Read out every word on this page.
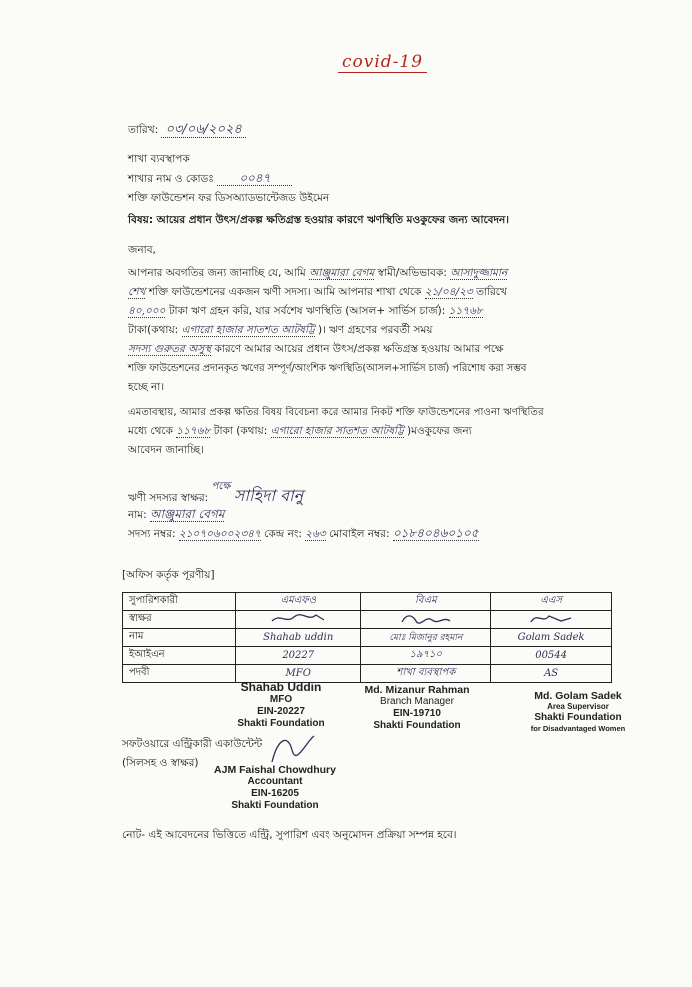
covid-19
তারিখ: ০৩/০৬/২০২৪
শাখা ব্যবস্থাপক
শাখার নাম ও কোডঃ ০০৪৭
শক্তি ফাউন্ডেশন ফর ডিসঅ্যাডভান্টেজড উইমেন
বিষয়: আয়ের প্রধান উৎস/প্রকল্প ক্ষতিগ্রস্ত হওয়ার কারণে ঋণস্থিতি মওকুফের জন্য আবেদন।
জনাব,
আপনার অবগতির জন্য জানাচ্ছি যে, আমি আঞ্জুমারা বেগম স্বামী/অভিভাবক: আসাদুজ্জামান
শেখ শক্তি ফাউন্ডেশনের একজন ঋণী সদস্য। আমি আপনার শাখা থেকে ২১/০৪/২৩ তারিখে
৪০,০০০ টাকা ঋণ গ্রহন করি, যার সর্বশেষ ঋণস্থিতি (আসল+ সার্ভিস চার্জ): ১১৭৬৮
টাকা(কথায়: এগারো হাজার সাতশত আটষট্টি )। ঋণ গ্রহণের পরবর্তী সময়
সদস্য গুরুতর অসুস্থ কারণে আমার আয়ের প্রধান উৎস/প্রকল্প ক্ষতিগ্রস্ত হওয়ায় আমার পক্ষে
শক্তি ফাউন্ডেশনের প্রদানকৃত ঋণের সম্পূর্ণ/আংশিক ঋণস্থিতি(আসল+সার্ভিস চার্জ) পরিশোধ করা সম্ভব
হচ্ছে না।
এমতাবস্থায়, আমার প্রকল্প ক্ষতির বিষয় বিবেচনা করে আমার নিকট শক্তি ফাউন্ডেশনের পাওনা ঋণস্থিতির
মধ্যে থেকে ১১৭৬৮ টাকা (কথায়: এগারো হাজার সাতশত আটষট্টি )মওকুফের জন্য
আবেদন জানাচ্ছি।
ঋণী সদস্যর স্বাক্ষর: পক্ষে সাহিদা বানু
নাম: আঞ্জুমারা বেগম
সদস্য নম্বর: ২১০৭০৬০০২৩৪৭ কেন্দ্র নং: ২৬৩ মোবাইল নম্বর: ০১৮৪০৪৬০১০৫
[অফিস কর্তৃক পূরণীয়]
সুপারিশকারী	এমএফও	বিএম	এএস
স্বাক্ষর			
নাম	Shahab uddin	মোঃ মিজানুর রহমান	Golam Sadek
ইআইএন	20227	১৯৭১০	00544
পদবী	MFO	শাখা ব্যবস্থাপক	AS
Shahab Uddin
MFO
EIN-20227
Shakti Foundation
Md. Mizanur Rahman
Branch Manager
EIN-19710
Shakti Foundation
Md. Golam Sadek
Area Supervisor
Shakti Foundation
for Disadvantaged Women
সফটওয়ারে এন্ট্রিকারী একাউন্টেন্ট
(সিলসহ ও স্বাক্ষর)
AJM Faishal Chowdhury
Accountant
EIN-16205
Shakti Foundation
নোট- এই আবেদনের ভিত্তিতে এন্ট্রি, সুপারিশ এবং অনুমোদন প্রক্রিয়া সম্পন্ন হবে।
